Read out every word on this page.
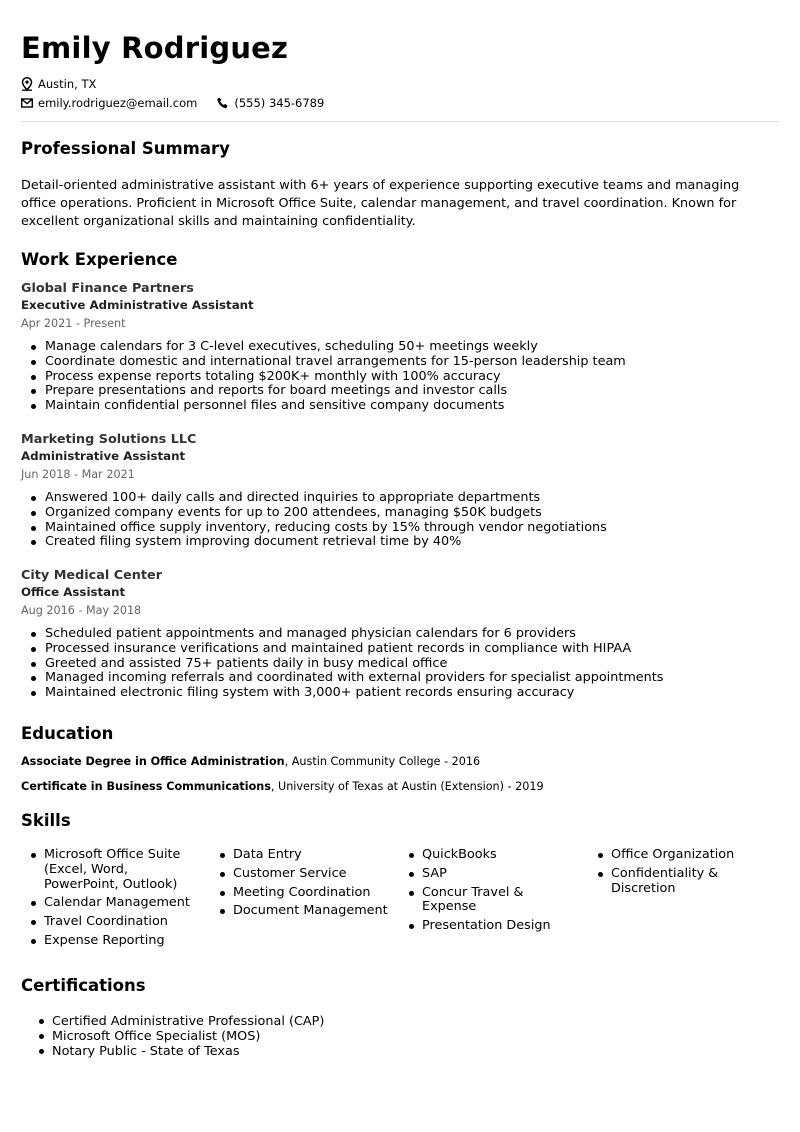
Emily Rodriguez
Austin, TX
emily.rodriguez@email.com	(555) 345-6789
Professional Summary

Detail-oriented administrative assistant with 6+ years of experience supporting executive teams and managing office operations. Proficient in Microsoft Office Suite, calendar management, and travel coordination. Known for excellent organizational skills and maintaining confidentiality.

Work Experience
Global Finance Partners
Executive Administrative Assistant
Apr 2021 - Present
Manage calendars for 3 C-level executives, scheduling 50+ meetings weekly
Coordinate domestic and international travel arrangements for 15-person leadership team
Process expense reports totaling $200K+ monthly with 100% accuracy
Prepare presentations and reports for board meetings and investor calls
Maintain confidential personnel files and sensitive company documents
Marketing Solutions LLC
Administrative Assistant
Jun 2018 - Mar 2021
Answered 100+ daily calls and directed inquiries to appropriate departments
Organized company events for up to 200 attendees, managing $50K budgets
Maintained office supply inventory, reducing costs by 15% through vendor negotiations
Created filing system improving document retrieval time by 40%
City Medical Center
Office Assistant
Aug 2016 - May 2018
Scheduled patient appointments and managed physician calendars for 6 providers
Processed insurance verifications and maintained patient records in compliance with HIPAA
Greeted and assisted 75+ patients daily in busy medical office
Managed incoming referrals and coordinated with external providers for specialist appointments
Maintained electronic filing system with 3,000+ patient records ensuring accuracy
Education
Associate Degree in Office Administration, Austin Community College - 2016
Certificate in Business Communications, University of Texas at Austin (Extension) - 2019
Skills
Microsoft Office Suite (Excel, Word, PowerPoint, Outlook)
Calendar Management
Travel Coordination
Expense Reporting
Data Entry
Customer Service
Meeting Coordination
Document Management
QuickBooks
SAP
Concur Travel & Expense
Presentation Design
Office Organization
Confidentiality & Discretion
Certifications
Certified Administrative Professional (CAP)
Microsoft Office Specialist (MOS)
Notary Public - State of Texas
